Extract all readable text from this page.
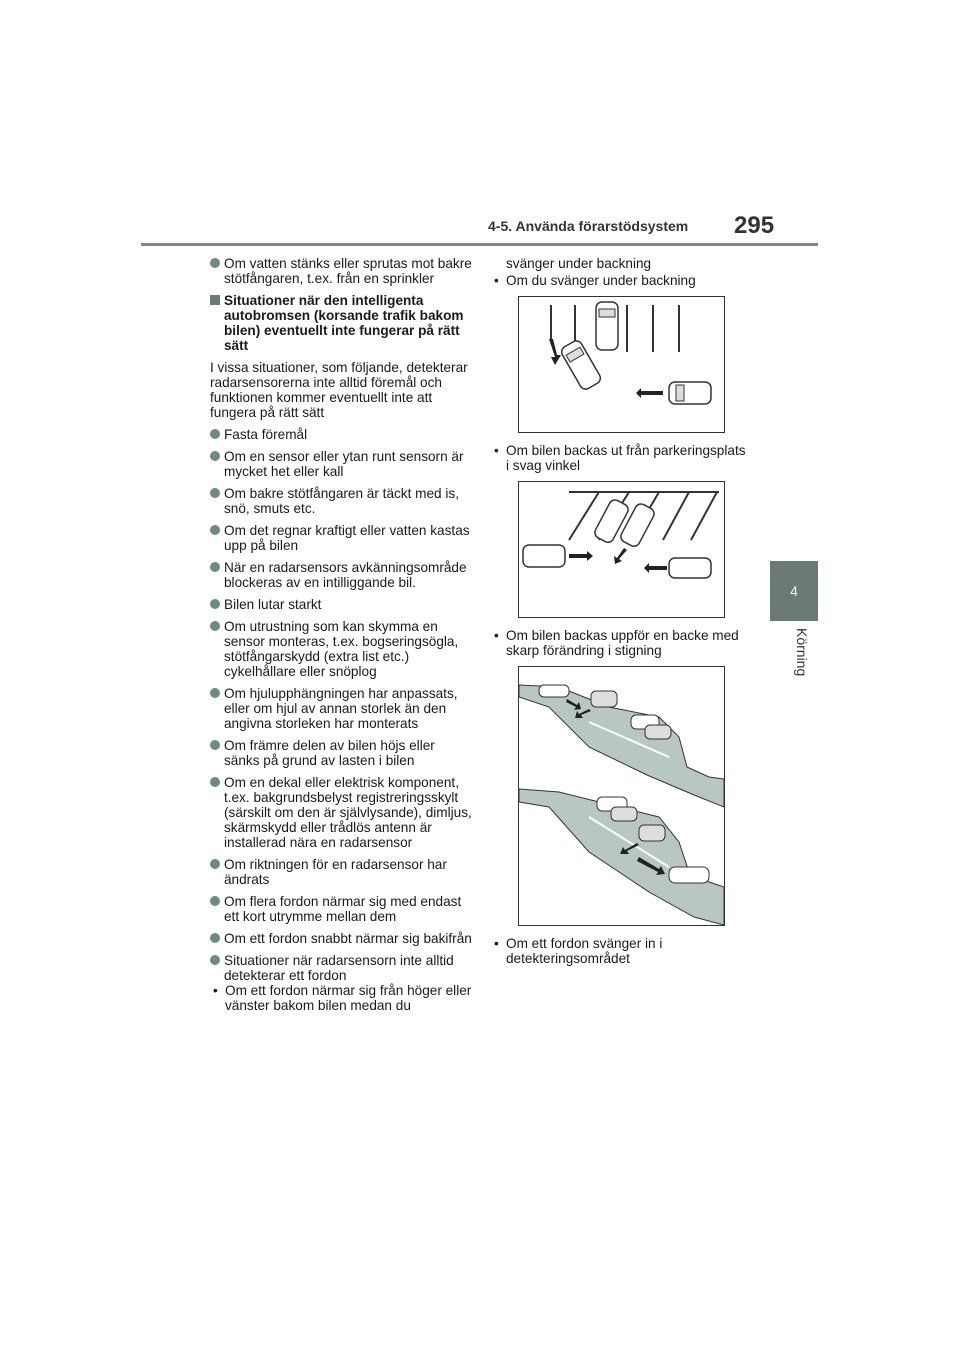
4-5. Använda förarstödsystem 295
4
Körning
Om vatten stänks eller sprutas mot bakre stötfångaren, t.ex. från en sprinkler
Situationer när den intelligenta autobromsen (korsande trafik bakom bilen) eventuellt inte fungerar på rätt sätt
I vissa situationer, som följande, detekterar radarsensorerna inte alltid föremål och funktionen kommer eventuellt inte att fungera på rätt sätt
Fasta föremål
Om en sensor eller ytan runt sensorn är mycket het eller kall
Om bakre stötfångaren är täckt med is, snö, smuts etc.
Om det regnar kraftigt eller vatten kastas upp på bilen
När en radarsensors avkänningsområde blockeras av en intilliggande bil.
Bilen lutar starkt
Om utrustning som kan skymma en sensor monteras, t.ex. bogseringsögla, stötfångarskydd (extra list etc.) cykelhållare eller snöplog
Om hjulupphängningen har anpassats, eller om hjul av annan storlek än den angivna storleken har monterats
Om främre delen av bilen höjs eller sänks på grund av lasten i bilen
Om en dekal eller elektrisk komponent, t.ex. bakgrundsbelyst registreringsskylt (särskilt om den är självlysande), dimljus, skärmskydd eller trådlös antenn är installerad nära en radarsensor
Om riktningen för en radarsensor har ändrats
Om flera fordon närmar sig med endast ett kort utrymme mellan dem
Om ett fordon snabbt närmar sig bakifrån
Situationer när radarsensorn inte alltid detekterar ett fordon
• Om ett fordon närmar sig från höger eller vänster bakom bilen medan du
svänger under backning
• Om du svänger under backning
• Om bilen backas ut från parkeringsplats i svag vinkel
• Om bilen backas uppför en backe med skarp förändring i stigning
• Om ett fordon svänger in i detekteringsområdet
